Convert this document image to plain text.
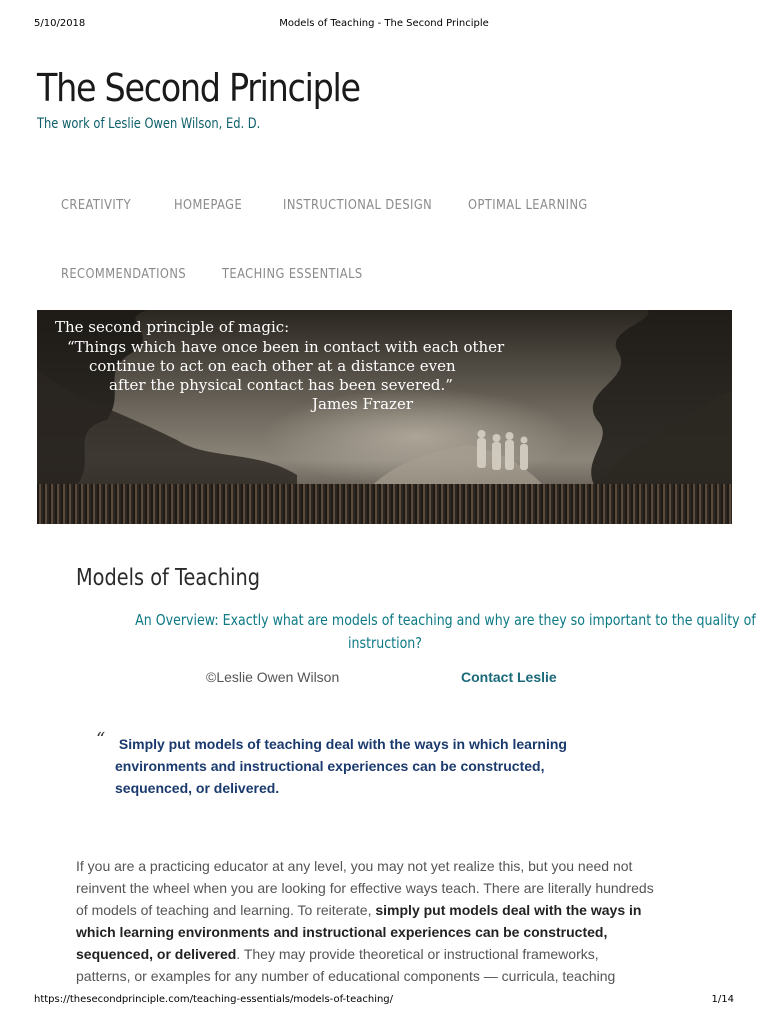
5/10/2018	Models of Teaching - The Second Principle
The Second Principle
The work of Leslie Owen Wilson, Ed. D.
CREATIVITY	HOMEPAGE	INSTRUCTIONAL DESIGN	OPTIMAL LEARNING
RECOMMENDATIONS	TEACHING ESSENTIALS
The second principle of magic:
“Things which have once been in contact with each other
continue to act on each other at a distance even
after the physical contact has been severed.”
James Frazer
Models of Teaching
An Overview: Exactly what are models of teaching and why are they so important to the quality of
instruction?
©Leslie Owen Wilson	Contact Leslie
“ Simply put models of teaching deal with the ways in which learning
environments and instructional experiences can be constructed,
sequenced, or delivered.
If you are a practicing educator at any level, you may not yet realize this, but you need not
reinvent the wheel when you are looking for effective ways teach. There are literally hundreds
of models of teaching and learning. To reiterate, simply put models deal with the ways in
which learning environments and instructional experiences can be constructed,
sequenced, or delivered. They may provide theoretical or instructional frameworks,
patterns, or examples for any number of educational components — curricula, teaching
https://thesecondprinciple.com/teaching-essentials/models-of-teaching/	1/14
